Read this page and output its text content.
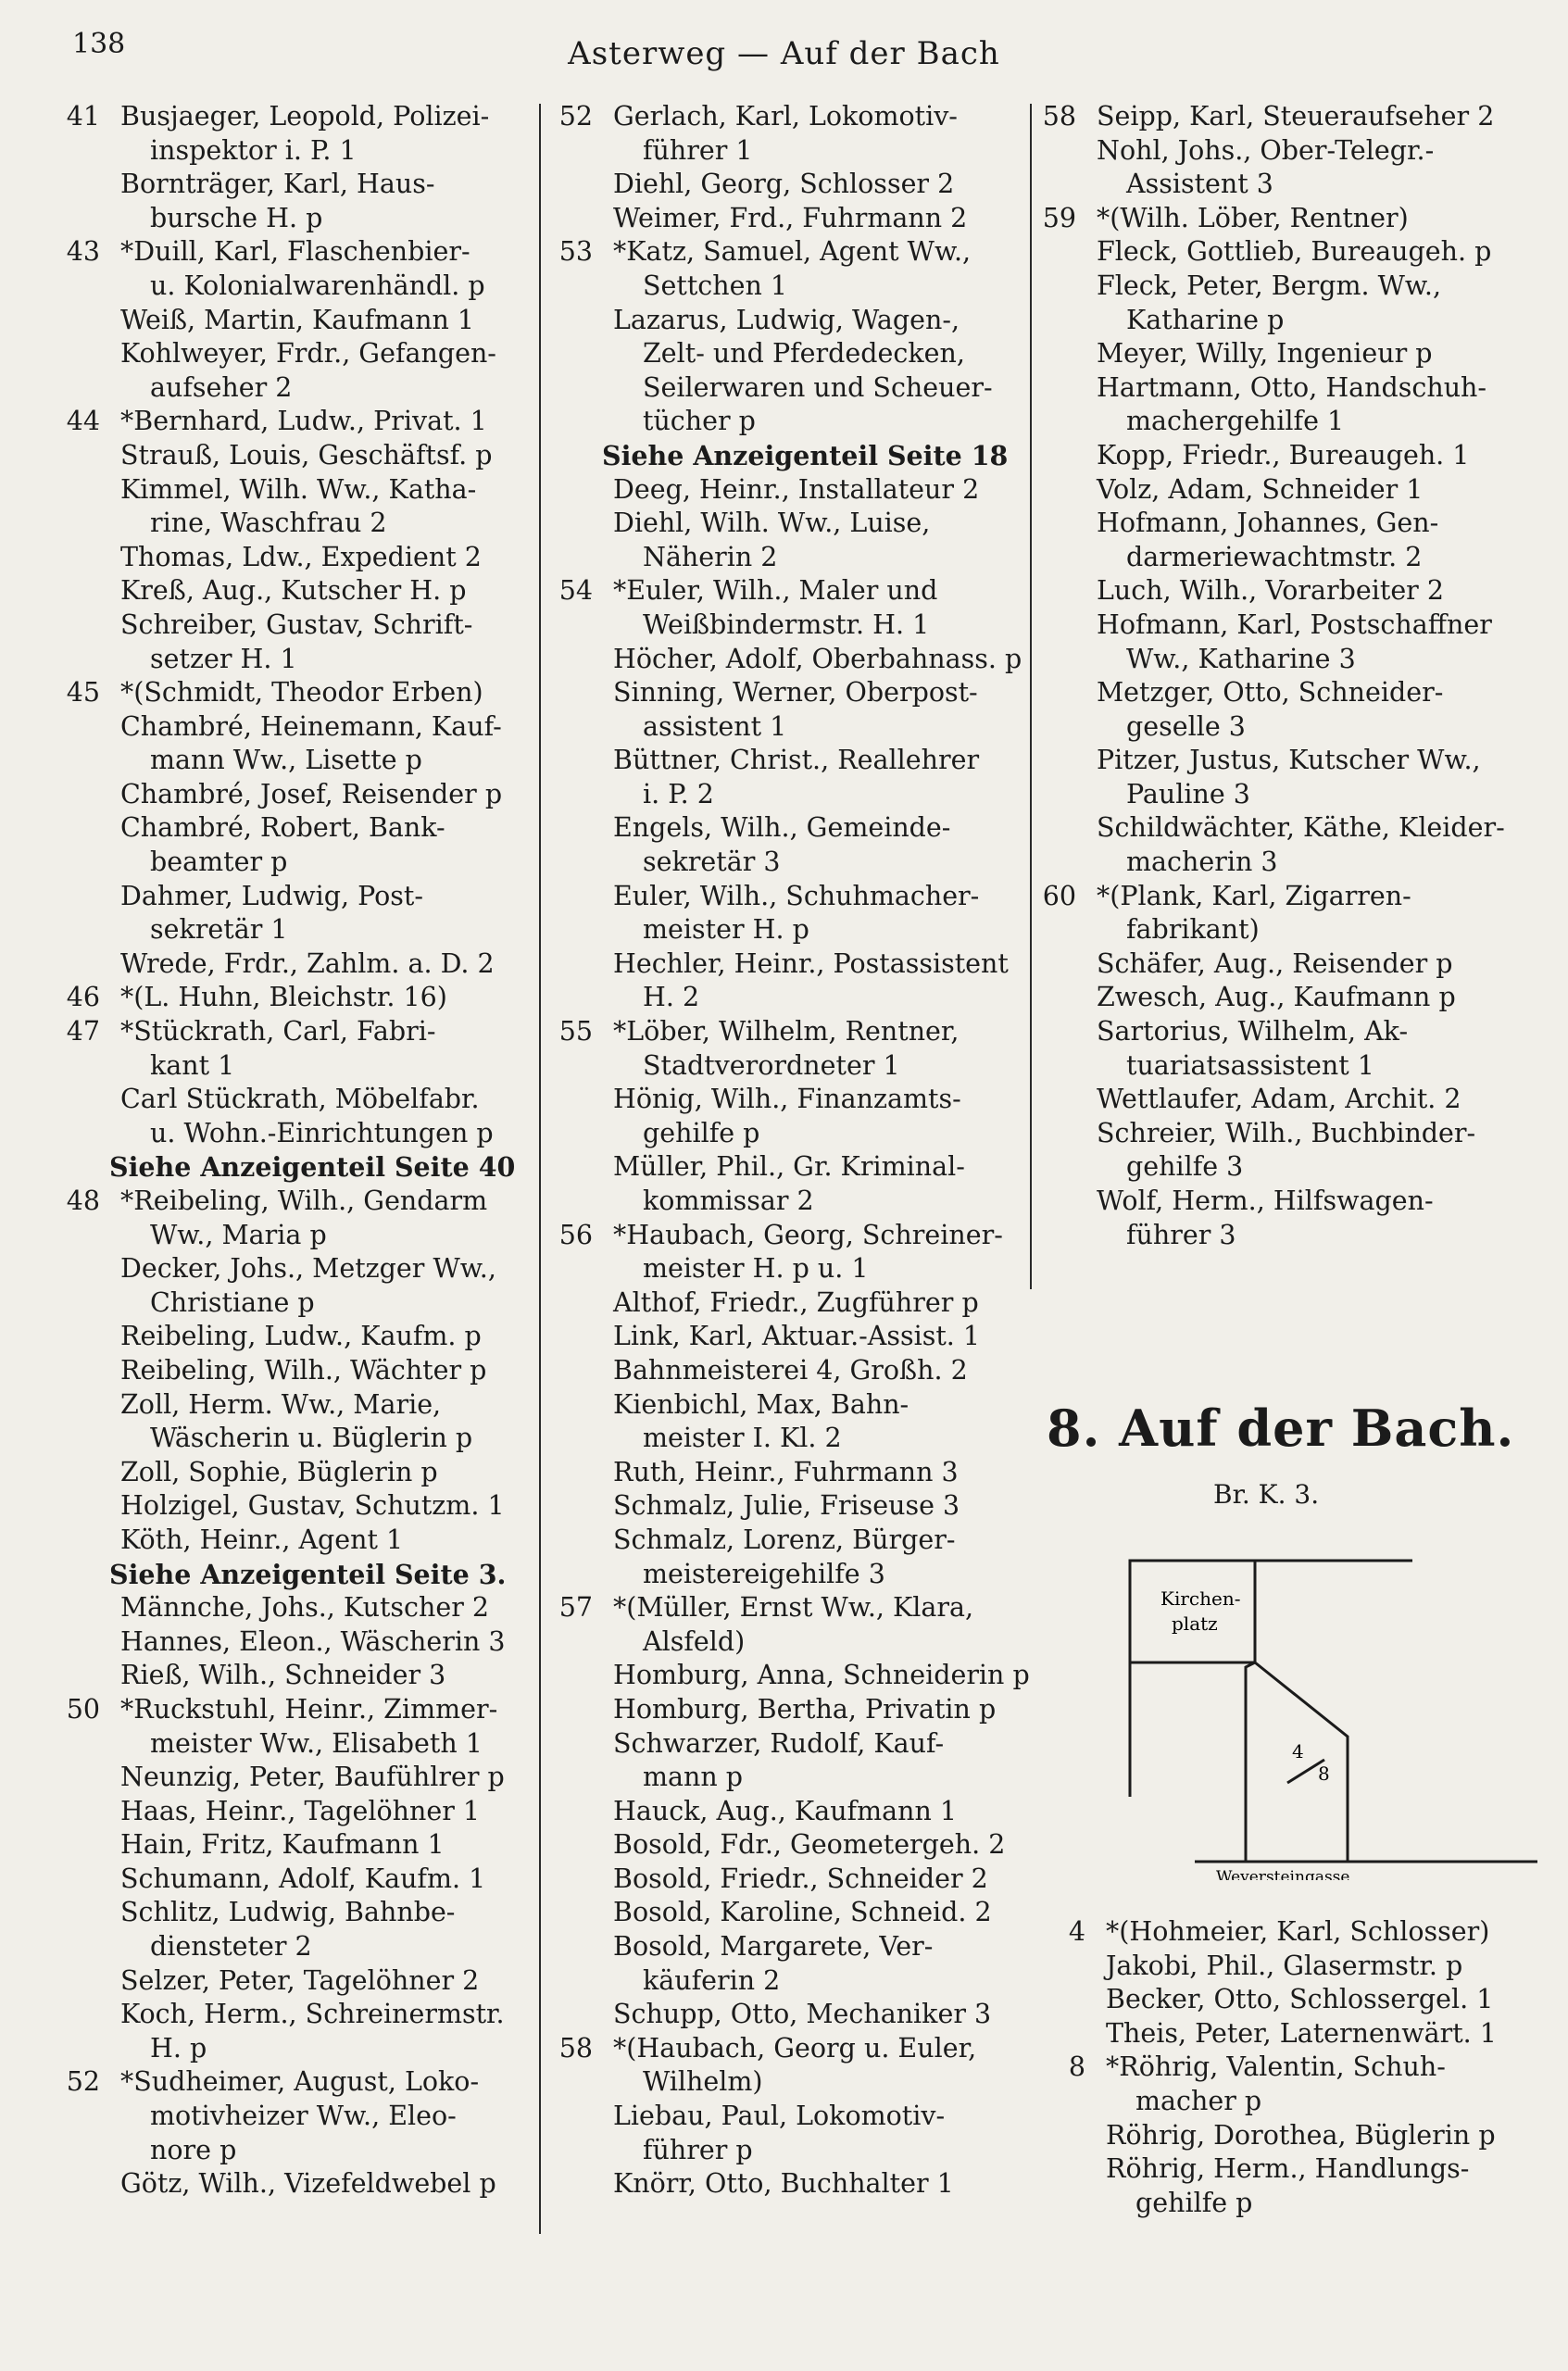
138	Asterweg — Auf der Bach
41 Busjaeger, Leopold, Polizei-
inspektor i. P. 1
Bornträger, Karl, Haus-
bursche H. p
43 *Duill, Karl, Flaschenbier-
u. Kolonialwarenhändl. p
Weiß, Martin, Kaufmann 1
Kohlweyer, Frdr., Gefangen-
aufseher 2
44 *Bernhard, Ludw., Privat. 1
Strauß, Louis, Geschäftsf. p
Kimmel, Wilh. Ww., Katha-
rine, Waschfrau 2
Thomas, Ldw., Expedient 2
Kreß, Aug., Kutscher H. p
Schreiber, Gustav, Schrift-
setzer H. 1
45 *(Schmidt, Theodor Erben)
Chambré, Heinemann, Kauf-
mann Ww., Lisette p
Chambré, Josef, Reisender p
Chambré, Robert, Bank-
beamter p
Dahmer, Ludwig, Post-
sekretär 1
Wrede, Frdr., Zahlm. a. D. 2
46 *(L. Huhn, Bleichstr. 16)
47 *Stückrath, Carl, Fabri-
kant 1
Carl Stückrath, Möbelfabr.
u. Wohn.-Einrichtungen p
Siehe Anzeigenteil Seite 40
48 *Reibeling, Wilh., Gendarm
Ww., Maria p
Decker, Johs., Metzger Ww.,
Christiane p
Reibeling, Ludw., Kaufm. p
Reibeling, Wilh., Wächter p
Zoll, Herm. Ww., Marie,
Wäscherin u. Büglerin p
Zoll, Sophie, Büglerin p
Holzigel, Gustav, Schutzm. 1
Köth, Heinr., Agent 1
Siehe Anzeigenteil Seite 3.
Männche, Johs., Kutscher 2
Hannes, Eleon., Wäscherin 3
Rieß, Wilh., Schneider 3
50 *Ruckstuhl, Heinr., Zimmer-
meister Ww., Elisabeth 1
Neunzig, Peter, Baufühlrer p
Haas, Heinr., Tagelöhner 1
Hain, Fritz, Kaufmann 1
Schumann, Adolf, Kaufm. 1
Schlitz, Ludwig, Bahnbe-
diensteter 2
Selzer, Peter, Tagelöhner 2
Koch, Herm., Schreinermstr.
H. p
52 *Sudheimer, August, Loko-
motivheizer Ww., Eleo-
nore p
Götz, Wilh., Vizefeldwebel p
52 Gerlach, Karl, Lokomotiv-
führer 1
Diehl, Georg, Schlosser 2
Weimer, Frd., Fuhrmann 2
53 *Katz, Samuel, Agent Ww.,
Settchen 1
Lazarus, Ludwig, Wagen-,
Zelt- und Pferdedecken,
Seilerwaren und Scheuer-
tücher p
Siehe Anzeigenteil Seite 18
Deeg, Heinr., Installateur 2
Diehl, Wilh. Ww., Luise,
Näherin 2
54 *Euler, Wilh., Maler und
Weißbindermstr. H. 1
Höcher, Adolf, Oberbahnass. p
Sinning, Werner, Oberpost-
assistent 1
Büttner, Christ., Reallehrer
i. P. 2
Engels, Wilh., Gemeinde-
sekretär 3
Euler, Wilh., Schuhmacher-
meister H. p
Hechler, Heinr., Postassistent
H. 2
55 *Löber, Wilhelm, Rentner,
Stadtverordneter 1
Hönig, Wilh., Finanzamts-
gehilfe p
Müller, Phil., Gr. Kriminal-
kommissar 2
56 *Haubach, Georg, Schreiner-
meister H. p u. 1
Althof, Friedr., Zugführer p
Link, Karl, Aktuar.-Assist. 1
Bahnmeisterei 4, Großh. 2
Kienbichl, Max, Bahn-
meister I. Kl. 2
Ruth, Heinr., Fuhrmann 3
Schmalz, Julie, Friseuse 3
Schmalz, Lorenz, Bürger-
meistereigehilfe 3
57 *(Müller, Ernst Ww., Klara,
Alsfeld)
Homburg, Anna, Schneiderin p
Homburg, Bertha, Privatin p
Schwarzer, Rudolf, Kauf-
mann p
Hauck, Aug., Kaufmann 1
Bosold, Fdr., Geometergeh. 2
Bosold, Friedr., Schneider 2
Bosold, Karoline, Schneid. 2
Bosold, Margarete, Ver-
käuferin 2
Schupp, Otto, Mechaniker 3
58 *(Haubach, Georg u. Euler,
Wilhelm)
Liebau, Paul, Lokomotiv-
führer p
Knörr, Otto, Buchhalter 1
58 Seipp, Karl, Steueraufseher 2
Nohl, Johs., Ober-Telegr.-
Assistent 3
59 *(Wilh. Löber, Rentner)
Fleck, Gottlieb, Bureaugeh. p
Fleck, Peter, Bergm. Ww.,
Katharine p
Meyer, Willy, Ingenieur p
Hartmann, Otto, Handschuh-
machergehilfe 1
Kopp, Friedr., Bureaugeh. 1
Volz, Adam, Schneider 1
Hofmann, Johannes, Gen-
darmeriewachtmstr. 2
Luch, Wilh., Vorarbeiter 2
Hofmann, Karl, Postschaffner
Ww., Katharine 3
Metzger, Otto, Schneider-
geselle 3
Pitzer, Justus, Kutscher Ww.,
Pauline 3
Schildwächter, Käthe, Kleider-
macherin 3
60 *(Plank, Karl, Zigarren-
fabrikant)
Schäfer, Aug., Reisender p
Zwesch, Aug., Kaufmann p
Sartorius, Wilhelm, Ak-
tuariatsassistent 1
Wettlaufer, Adam, Archit. 2
Schreier, Wilh., Buchbinder-
gehilfe 3
Wolf, Herm., Hilfswagen-
führer 3
8. Auf der Bach.
Br. K. 3.
Kirchen-
platz
4
8
Weyersteingasse
4 *(Hohmeier, Karl, Schlosser)
Jakobi, Phil., Glasermstr. p
Becker, Otto, Schlossergel. 1
Theis, Peter, Laternenwärt. 1
8 *Röhrig, Valentin, Schuh-
macher p
Röhrig, Dorothea, Büglerin p
Röhrig, Herm., Handlungs-
gehilfe p
